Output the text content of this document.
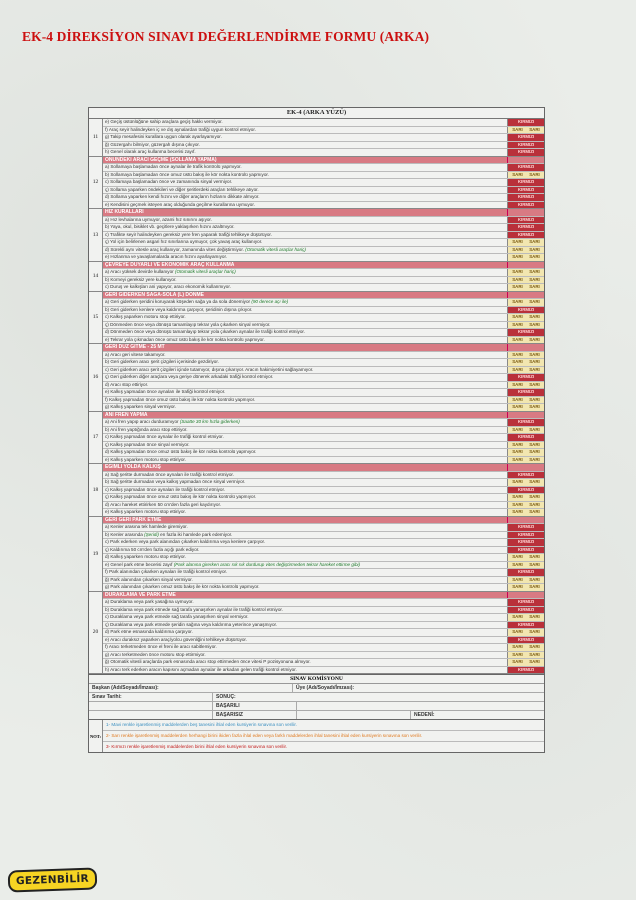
EK-4 DİREKSİYON SINAVI DEĞERLENDİRME FORMU (ARKA)
EK-4 (ARKA YÜZÜ)
11
e) Geçiş üstünlüğüne sahip araçlara geçiş hakkı vermiyor.	KIRMIZI
f) Araç seyir halindeyken iç ve dış aynalardan trafiği uygun kontrol etmiyor.	SARI SARI
g) Takip mesafesini kurallara uygun olarak ayarlayamıyor.	KIRMIZI
ğ) Güzergahı bilmiyor, güzergah dışına çıkıyor.	KIRMIZI
h) Genel olarak araç kullanma becerisi zayıf.	KIRMIZI
12
ÖNÜNDEKİ ARACI GEÇME (SOLLAMA YAPMA)
a) Sollamaya başlamadan önce aynalar ile trafik kontrolü yapmıyor.	KIRMIZI
b) Sollamaya başlamadan önce omuz üstü bakış ile kör nokta kontrolü yapmıyor.	SARI SARI
c) Sollamaya başlamadan önce ve zamanında sinyal vermiyor.	KIRMIZI
ç) Sollama yaparken öndekileri ve diğer şeritlerdeki araçları tehlikeye atıyor.	KIRMIZI
d) Sollama yaparken kendi hızını ve diğer araçların hızlarını dikkate almıyor.	KIRMIZI
e) Kendisini geçmek isteyen araç olduğunda geçilme kurallarına uymuyor.	KIRMIZI
13
HIZ KURALLARI
a) Hız levhalarına uymuyor, azami hız sınırını aşıyor.	KIRMIZI
b) Yaya, okul, bisiklet vb. geçitlere yaklaşırken hızını azaltmıyor.	KIRMIZI
c) Trafikte seyir halindeyken gereksiz yere fren yaparak trafiği tehlikeye düşürüyor.	KIRMIZI
ç) Yol için belirlenen asgari hız sınırlarına uymuyor, çok yavaş araç kullanıyor.	SARI SARI
d) Sürekli aynı vitesle araç kullanıyor, zamanında vites değiştirmiyor. (Otomatik vitesli araçlar hariç)	SARI SARI
e) Hızlanma ve yavaşlamalarda aracın hızını ayarlayamıyor.	SARI SARI
14
ÇEVREYE DUYARLI VE EKONOMİK ARAÇ KULLANMA
a) Aracı yüksek devirde kullanıyor (Otomatik vitesli araçlar hariç)	SARI SARI
b) Korneyi gereksiz yere kullanıyor.	SARI SARI
c) Duruş ve kalkışları ani yapıyor, aracı ekonomik kullanmıyor.	SARI SARI
15
GERİ GİDERKEN SAĞA-SOLA (L) DÖNME
a) Geri giderken şeridini koruyarak köşeden sağa ya da sola dönemiyor (90 derece açı ile)	SARI SARI
b) Geri giderken kenlere veya kaldırıma çarpıyor, şeridinin dışına çıkıyor.	KIRMIZI
c) Kalkış yaparken motoru stop ettiriyor.	SARI SARI
ç) Dönmeden önce veya dönüşü tamamlayıp tekrar yola çıkarken sinyal vermiyor.	SARI SARI
d) Dönmeden önce veya dönüşü tamamlayıp tekrar yola çıkarken aynalar ile trafiği kontrol etmiyor.	KIRMIZI
e) Tekrar yola çıkmadan önce omuz üstü bakış ile kör nokta kontrolü yapmıyor.	SARI SARI
16
GERİ DÜZ GİTME - 25 MT
a) Aracı geri vitese takamıyor.	SARI SARI
b) Geri giderken aracı şerit çizgileri içerisinde gezdiriyor.	SARI SARI
c) Geri giderken aracı şerit çizgileri içinde tutamıyor, dışına çıkarıyor. Aracın hakimiyetini sağlayamıyor.	SARI SARI
ç) Geri giderken diğer araçlara veya geriye dönerek arkadaki trafiği kontrol etmiyor.	KIRMIZI
d) Aracı stop ettiriyor.	SARI SARI
e) Kalkış yapmadan önce aynaları ile trafiği kontrol etmiyor.	KIRMIZI
f) Kalkış yapmadan önce omuz üstü bakış ile kör nokta kontrolü yapmıyor.	SARI SARI
g) Kalkış yaparken sinyal vermiyor.	SARI SARI
17
ANİ FREN YAPMA
a) Ani fren yapıp aracı durduramıyor (Saatte 30 km hızla giderken)	KIRMIZI
b) Ani fren yaptığında aracı stop ettiriyor.	SARI SARI
c) Kalkış yapmadan önce aynalar ile trafiği kontrol etmiyor.	KIRMIZI
ç) Kalkış yapmadan önce sinyal vermiyor.	SARI SARI
d) Kalkış yapmadan önce omuz üstü bakış ile kör nokta kontrolü yapmıyor.	SARI SARI
e) Kalkış yaparken motoru stop ettiriyor.	SARI SARI
18
EĞİMLİ YOLDA KALKIŞ
a) Sağ şeritte durmadan önce aynaları ile trafiği kontrol etmiyor.	KIRMIZI
b) Sağ şeritte durmadan veya kalkış yapmadan önce sinyal vermiyor.	SARI SARI
c) Kalkış yapmadan önce aynaları ile trafiği kontrol etmiyor.	KIRMIZI
ç) Kalkış yapmadan önce omuz üstü bakış ile kör nokta kontrolü yapmıyor.	SARI SARI
d) Aracı hareket ettirirken 50 cm'den fazla geri kaydırıyor.	SARI SARI
e) Kalkış yaparken motoru stop ettiriyor.	SARI SARI
19
GERİ GERİ PARK ETME
a) Kenler arasına tek hamlede giremiyor.	KIRMIZI
b) Kenler arasında (Şeridi) en fazla iki hamlede park edemiyor.	KIRMIZI
c) Park ederken veya park alanından çıkarken kaldırıma veya kenlere çarpıyor.	KIRMIZI
ç) Kaldırıma 50 cm'den fazla açığı park ediyor.	KIRMIZI
d) Kalkış yaparken motoru stop ettiriyor.	SARI SARI
e) Genel park etme becerisi zayıf (Park alanına girerken aracı sık sık durdurup vites değiştirmeden tekrar hareket ettirme gibi)	SARI SARI
f) Park alanından çıkarken aynaları ile trafiği kontrol etmiyor.	KIRMIZI
ğ) Park alanından çıkarken sinyal vermiyor.	SARI SARI
g) Park alanından çıkarken omuz üstü bakış ile kör nokta kontrolü yapmıyor.	SARI SARI
20
DURAKLAMA VE PARK ETME
a) Duraklama veya park yasağına uymuyor.	KIRMIZI
b) Duraklama veya park etmede sağ tarafa yanaşırken aynalar ile trafiği kontrol etmiyor.	KIRMIZI
c) Duraklama veya park etmede sağ tarafa yanaşırken sinyal vermiyor.	SARI SARI
ç) Duraklama veya park etmede şeridin sağına veya kaldırıma yeterince yanaşmıyor.	KIRMIZI
d) Park etme esnasında kaldırıma çarpıyor.	SARI SARI
e) Aracı duraksız yaparken araç/yolcu güvenliğini tehlikeye düşürüyor.	KIRMIZI
f) Aracı terketmeden önce el freni ile aracı sabitlemiyor.	SARI SARI
g) Aracı terketmeden önce motoru stop ettirmiyor.	SARI SARI
ğ) Otomatik vitesli araçlarda park esnasında aracı stop ettirmeden önce vitesi P pozisyonuna almıyor.	SARI SARI
h) Aracı terk ederken aracın kapısını açmadan aynalar ile arkadan gelen trafiği kontrol etmiyor.	KIRMIZI
SINAV KOMİSYONU
Başkan (Adı/Soyadı/İmzası):	Üye (Adı/Soyadı/İmzası):
Sınav Tarihi:	SONUÇ:
BAŞARILI
BAŞARISIZ	NEDENİ:
NOT:
1- Mavi renkle işaretlenmiş maddelerden beş tanesini ihlal eden kursiyerin sınavına son verilir.
2- Sarı renkle işaretlenmiş maddelerden herhangi birini ikiden fazla ihlal eden veya farklı maddelerden ihlal tanesini ihlal eden kursiyerin sınavına son verilir.
3- Kırmızı renkle işaretlenmiş maddelerden birini ihlal eden kursiyerin sınavına son verilir.
GEZENBİLİR
